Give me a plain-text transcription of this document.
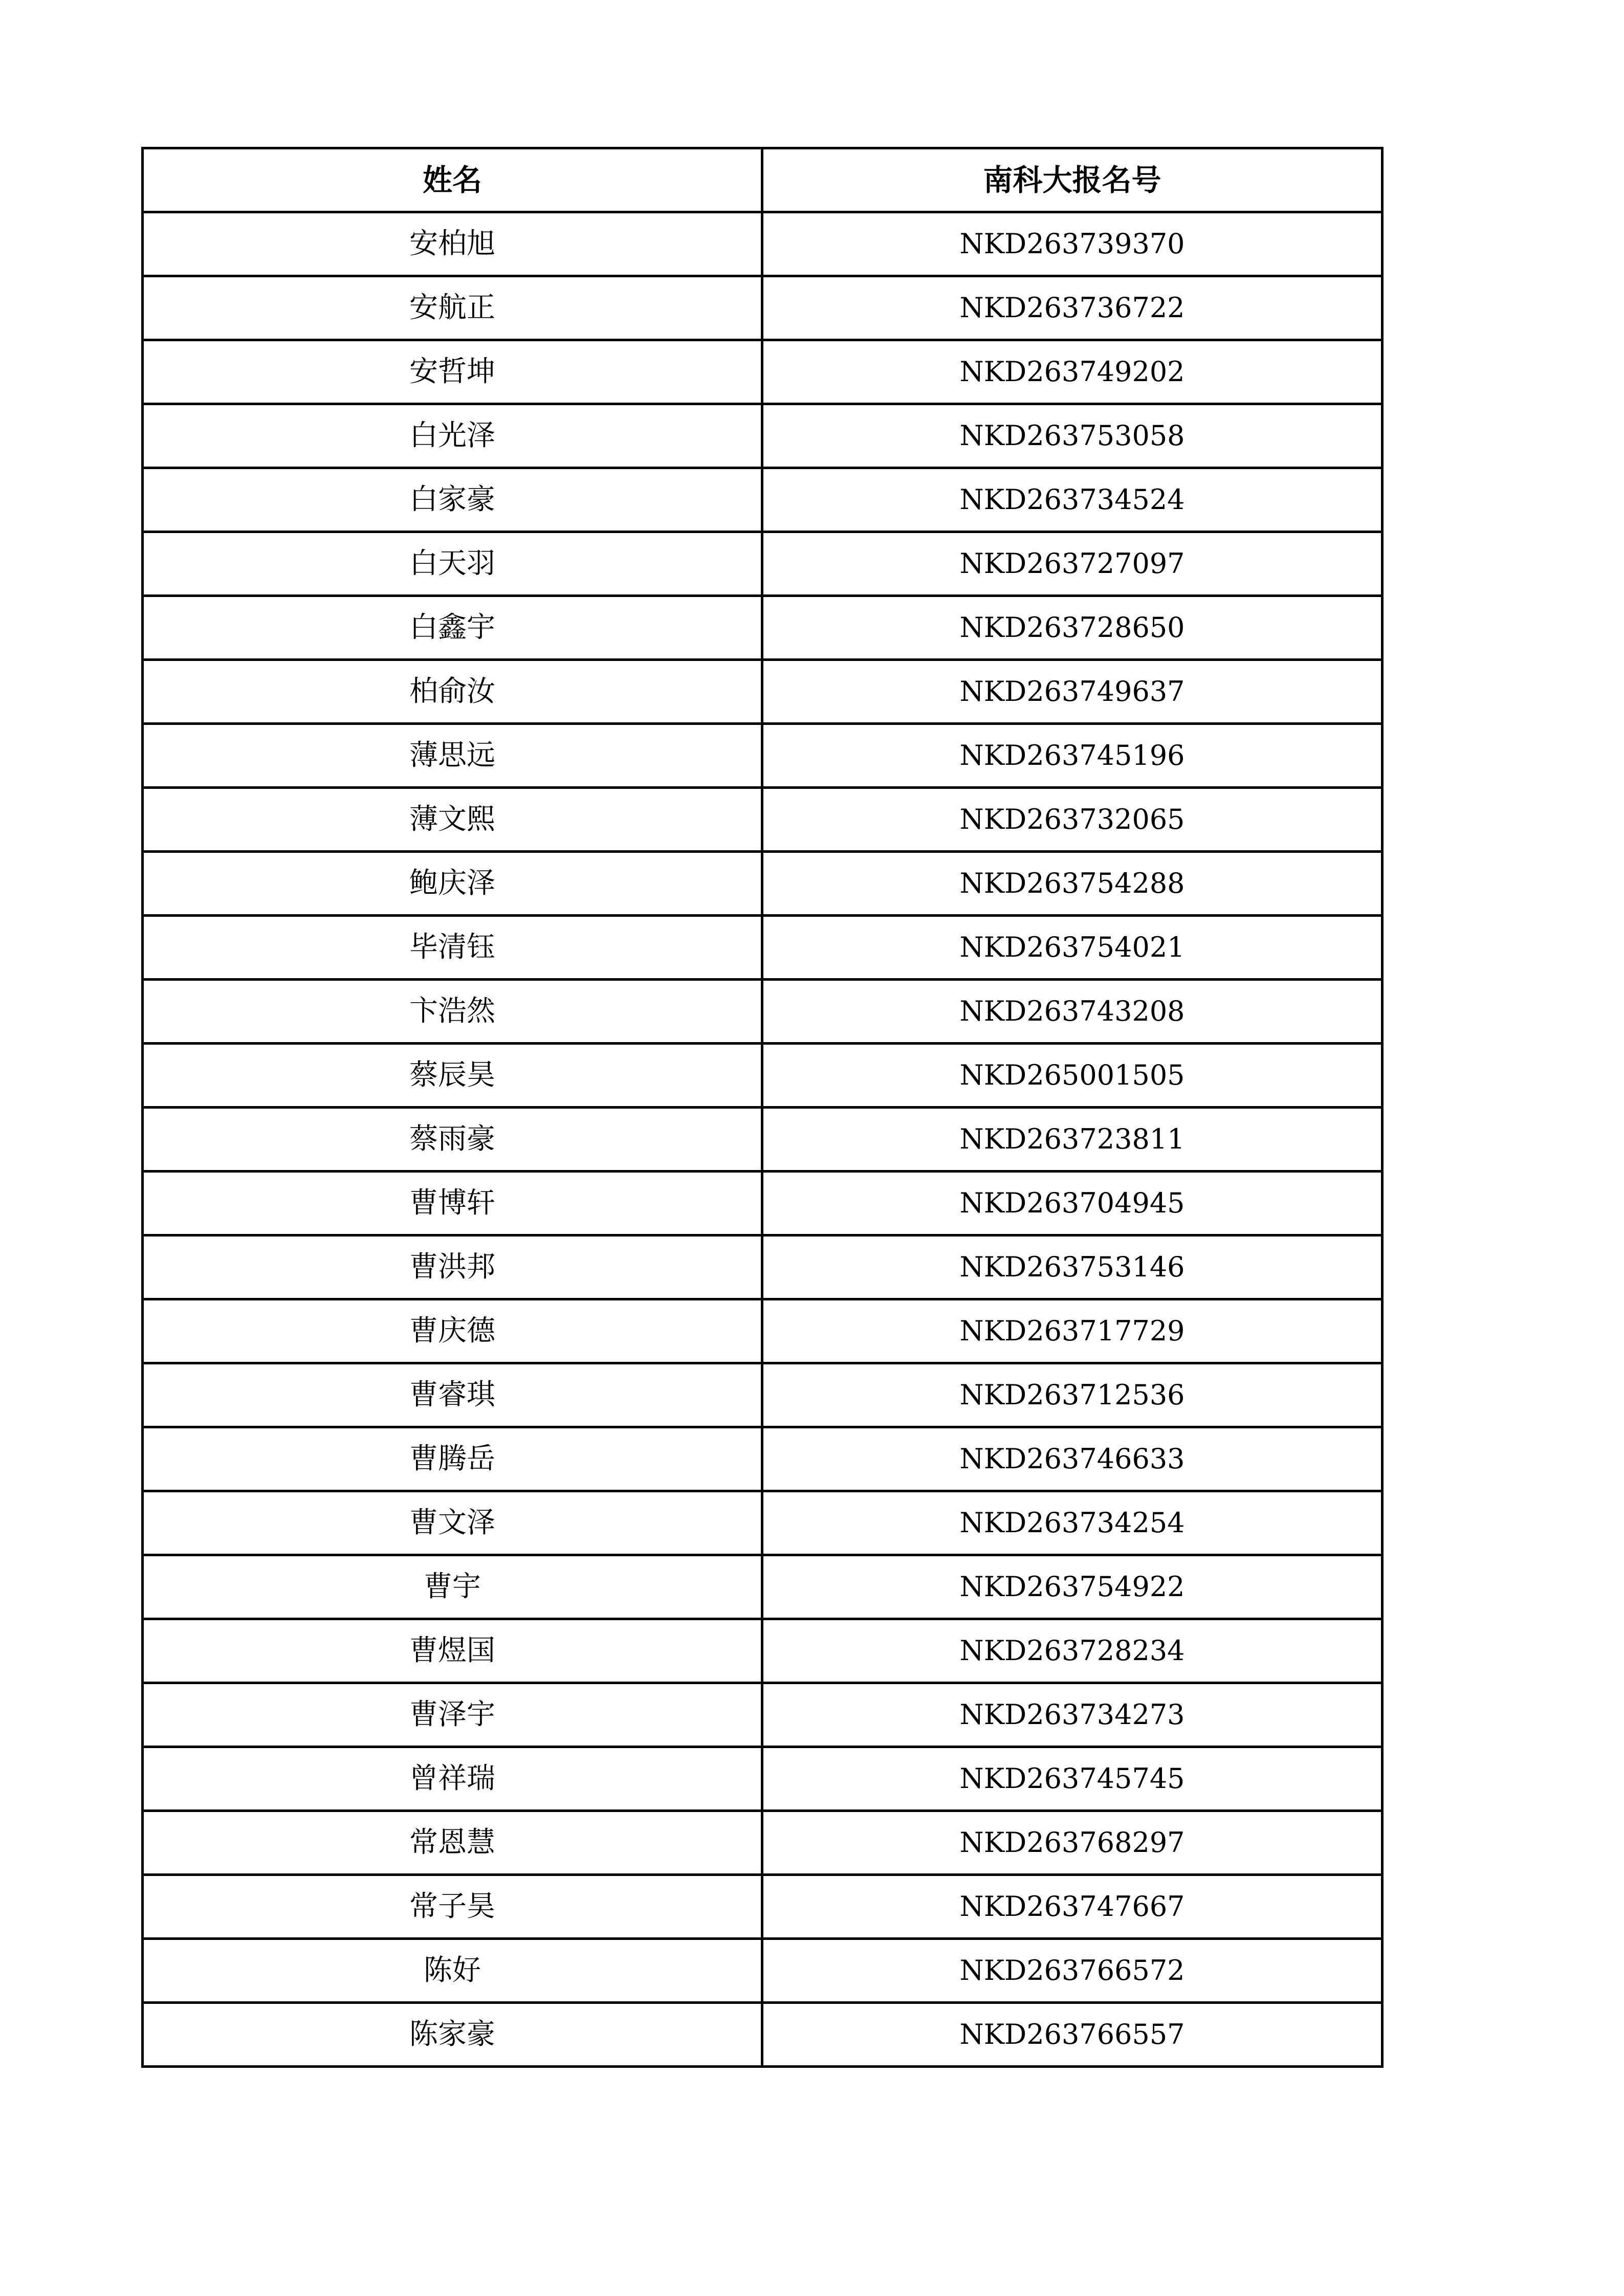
姓名	南科大报名号
安柏旭	NKD263739370
安航正	NKD263736722
安哲坤	NKD263749202
白光泽	NKD263753058
白家豪	NKD263734524
白天羽	NKD263727097
白鑫宇	NKD263728650
柏俞汝	NKD263749637
薄思远	NKD263745196
薄文熙	NKD263732065
鲍庆泽	NKD263754288
毕清钰	NKD263754021
卞浩然	NKD263743208
蔡辰昊	NKD265001505
蔡雨豪	NKD263723811
曹博轩	NKD263704945
曹洪邦	NKD263753146
曹庆德	NKD263717729
曹睿琪	NKD263712536
曹腾岳	NKD263746633
曹文泽	NKD263734254
曹宇	NKD263754922
曹煜国	NKD263728234
曹泽宇	NKD263734273
曾祥瑞	NKD263745745
常恩慧	NKD263768297
常子昊	NKD263747667
陈好	NKD263766572
陈家豪	NKD263766557
